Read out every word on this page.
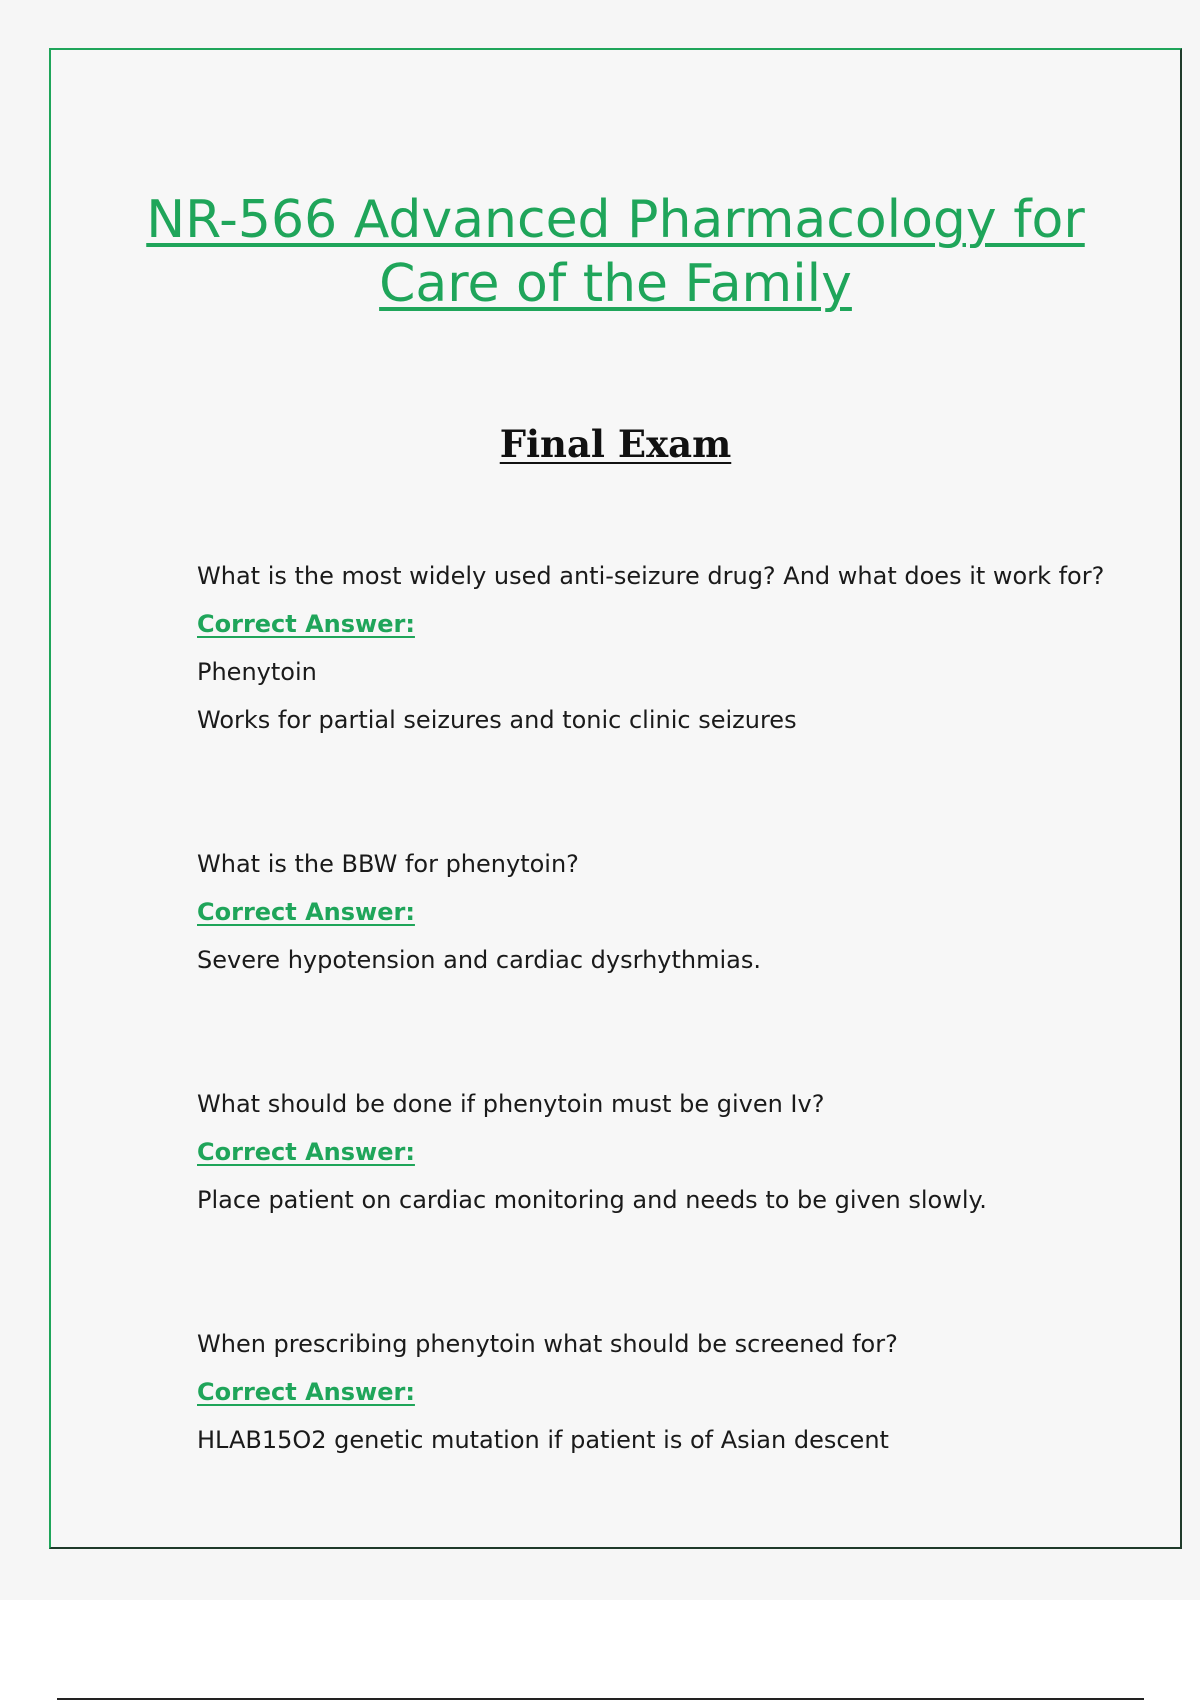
NR-566 Advanced Pharmacology for
Care of the Family
Final Exam

What is the most widely used anti-seizure drug? And what does it work for?

Correct Answer:

Phenytoin

Works for partial seizures and tonic clinic seizures

What is the BBW for phenytoin?

Correct Answer:

Severe hypotension and cardiac dysrhythmias.

What should be done if phenytoin must be given Iv?

Correct Answer:

Place patient on cardiac monitoring and needs to be given slowly.

When prescribing phenytoin what should be screened for?

Correct Answer:

HLAB15O2 genetic mutation if patient is of Asian descent
